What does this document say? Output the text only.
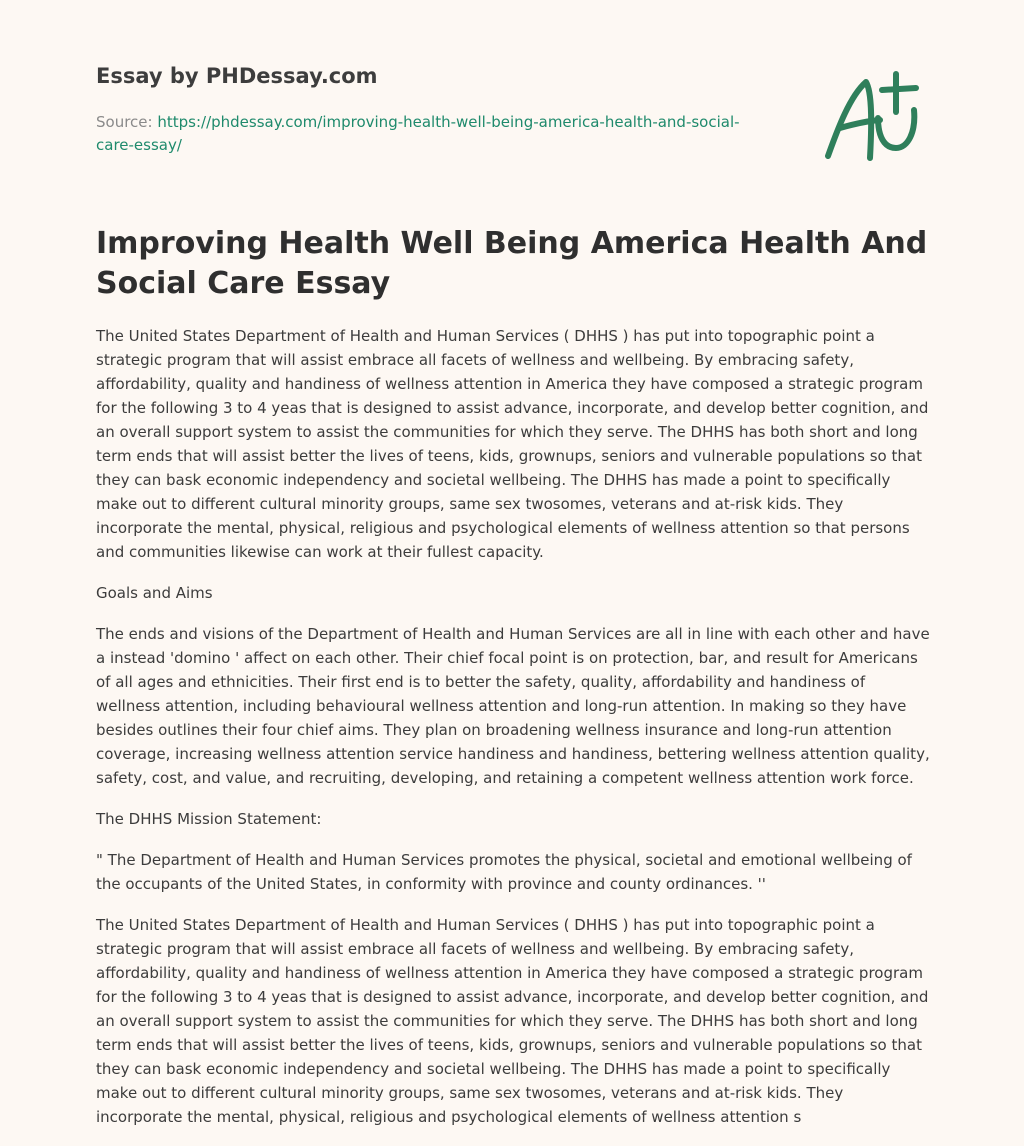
Essay by PHDessay.com
Source: https://phdessay.com/improving-health-well-being-america-health-and-social-care-essay/
Improving Health Well Being America Health And Social Care Essay

The United States Department of Health and Human Services ( DHHS ) has put into topographic point a strategic program that will assist embrace all facets of wellness and wellbeing. By embracing safety, affordability, quality and handiness of wellness attention in America they have composed a strategic program for the following 3 to 4 yeas that is designed to assist advance, incorporate, and develop better cognition, and an overall support system to assist the communities for which they serve. The DHHS has both short and long term ends that will assist better the lives of teens, kids, grownups, seniors and vulnerable populations so that they can bask economic independency and societal wellbeing. The DHHS has made a point to specifically make out to different cultural minority groups, same sex twosomes, veterans and at-risk kids. They incorporate the mental, physical, religious and psychological elements of wellness attention so that persons and communities likewise can work at their fullest capacity.

Goals and Aims

The ends and visions of the Department of Health and Human Services are all in line with each other and have a instead 'domino ' affect on each other. Their chief focal point is on protection, bar, and result for Americans of all ages and ethnicities. Their first end is to better the safety, quality, affordability and handiness of wellness attention, including behavioural wellness attention and long-run attention. In making so they have besides outlines their four chief aims. They plan on broadening wellness insurance and long-run attention coverage, increasing wellness attention service handiness and handiness, bettering wellness attention quality, safety, cost, and value, and recruiting, developing, and retaining a competent wellness attention work force.

The DHHS Mission Statement:

" The Department of Health and Human Services promotes the physical, societal and emotional wellbeing of the occupants of the United States, in conformity with province and county ordinances. ''

The United States Department of Health and Human Services ( DHHS ) has put into topographic point a strategic program that will assist embrace all facets of wellness and wellbeing. By embracing safety, affordability, quality and handiness of wellness attention in America they have composed a strategic program for the following 3 to 4 yeas that is designed to assist advance, incorporate, and develop better cognition, and an overall support system to assist the communities for which they serve. The DHHS has both short and long term ends that will assist better the lives of teens, kids, grownups, seniors and vulnerable populations so that they can bask economic independency and societal wellbeing. The DHHS has made a point to specifically make out to different cultural minority groups, same sex twosomes, veterans and at-risk kids. They incorporate the mental, physical, religious and psychological elements of wellness attention s
